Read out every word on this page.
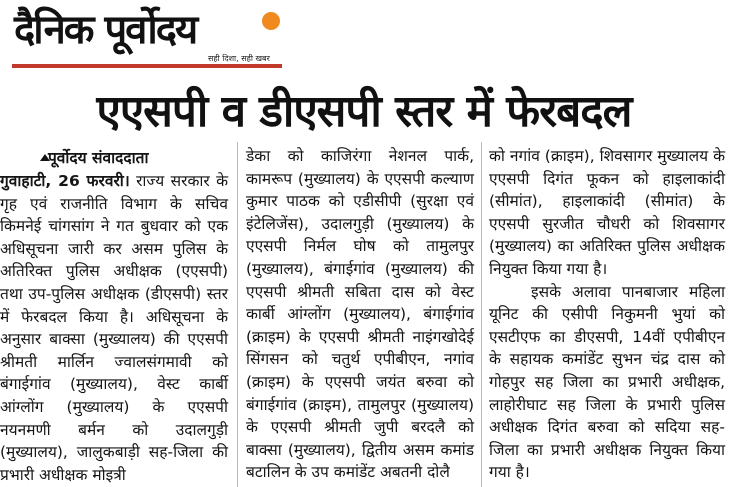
दैनिक पूर्वोदय
सही दिशा, सही खबर
एएसपी व डीएसपी स्तर में फेरबदल
पूर्वोदय संवाददाता

गुवाहाटी, 26 फरवरी। राज्य सरकार के गृह एवं राजनीति विभाग के सचिव किमनेई चांगसांग ने गत बुधवार को एक अधिसूचना जारी कर असम पुलिस के अतिरिक्त पुलिस अधीक्षक (एएसपी) तथा उप-पुलिस अधीक्षक (डीएसपी) स्तर में फेरबदल किया है। अधिसूचना के अनुसार बाक्सा (मुख्यालय) की एएसपी श्रीमती मार्लिन ज्वालसंगमावी को बंगाईगांव (मुख्यालय), वेस्ट कार्बी आंग्लोंग (मुख्यालय) के एएसपी नयनमणी बर्मन को उदालगुड़ी (मुख्यालय), जालुकबाड़ी सह-जिला की प्रभारी अधीक्षक मोइत्री

डेका को काजिरंगा नेशनल पार्क, कामरूप (मुख्यालय) के एएसपी कल्याण कुमार पाठक को एडीसीपी (सुरक्षा एवं इंटेलिजेंस), उदालगुड़ी (मुख्यालय) के एएसपी निर्मल घोष को तामुलपुर (मुख्यालय), बंगाईगांव (मुख्यालय) की एएसपी श्रीमती सबिता दास को वेस्ट कार्बी आंग्लोंग (मुख्यालय), बंगाईगांव (क्राइम) के एएसपी श्रीमती नाइंगखोदेई सिंगसन को चतुर्थ एपीबीएन, नगांव (क्राइम) के एएसपी जयंत बरुवा को बंगाईगांव (क्राइम), तामुलपुर (मुख्यालय) के एएसपी श्रीमती जुपी बरदलै को बाक्सा (मुख्यालय), द्वितीय असम कमांड बटालिन के उप कमांडेंट अबतनी दोलै

को नगांव (क्राइम), शिवसागर मुख्यालय के एएसपी दिगंत फूकन को हाइलाकांदी (सीमांत), हाइलाकांदी (सीमांत) के एएसपी सुरजीत चौधरी को शिवसागर (मुख्यालय) का अतिरिक्त पुलिस अधीक्षक नियुक्त किया गया है।

इसके अलावा पानबाजार महिला यूनिट की एसीपी निकुमनी भुयां को एसटीएफ का डीएसपी, 14वीं एपीबीएन के सहायक कमांडेंट सुभन चंद्र दास को गोहपुर सह जिला का प्रभारी अधीक्षक, लाहोरीघाट सह जिला के प्रभारी पुलिस अधीक्षक दिगंत बरुवा को सदिया सह-जिला का प्रभारी अधीक्षक नियुक्त किया गया है।
